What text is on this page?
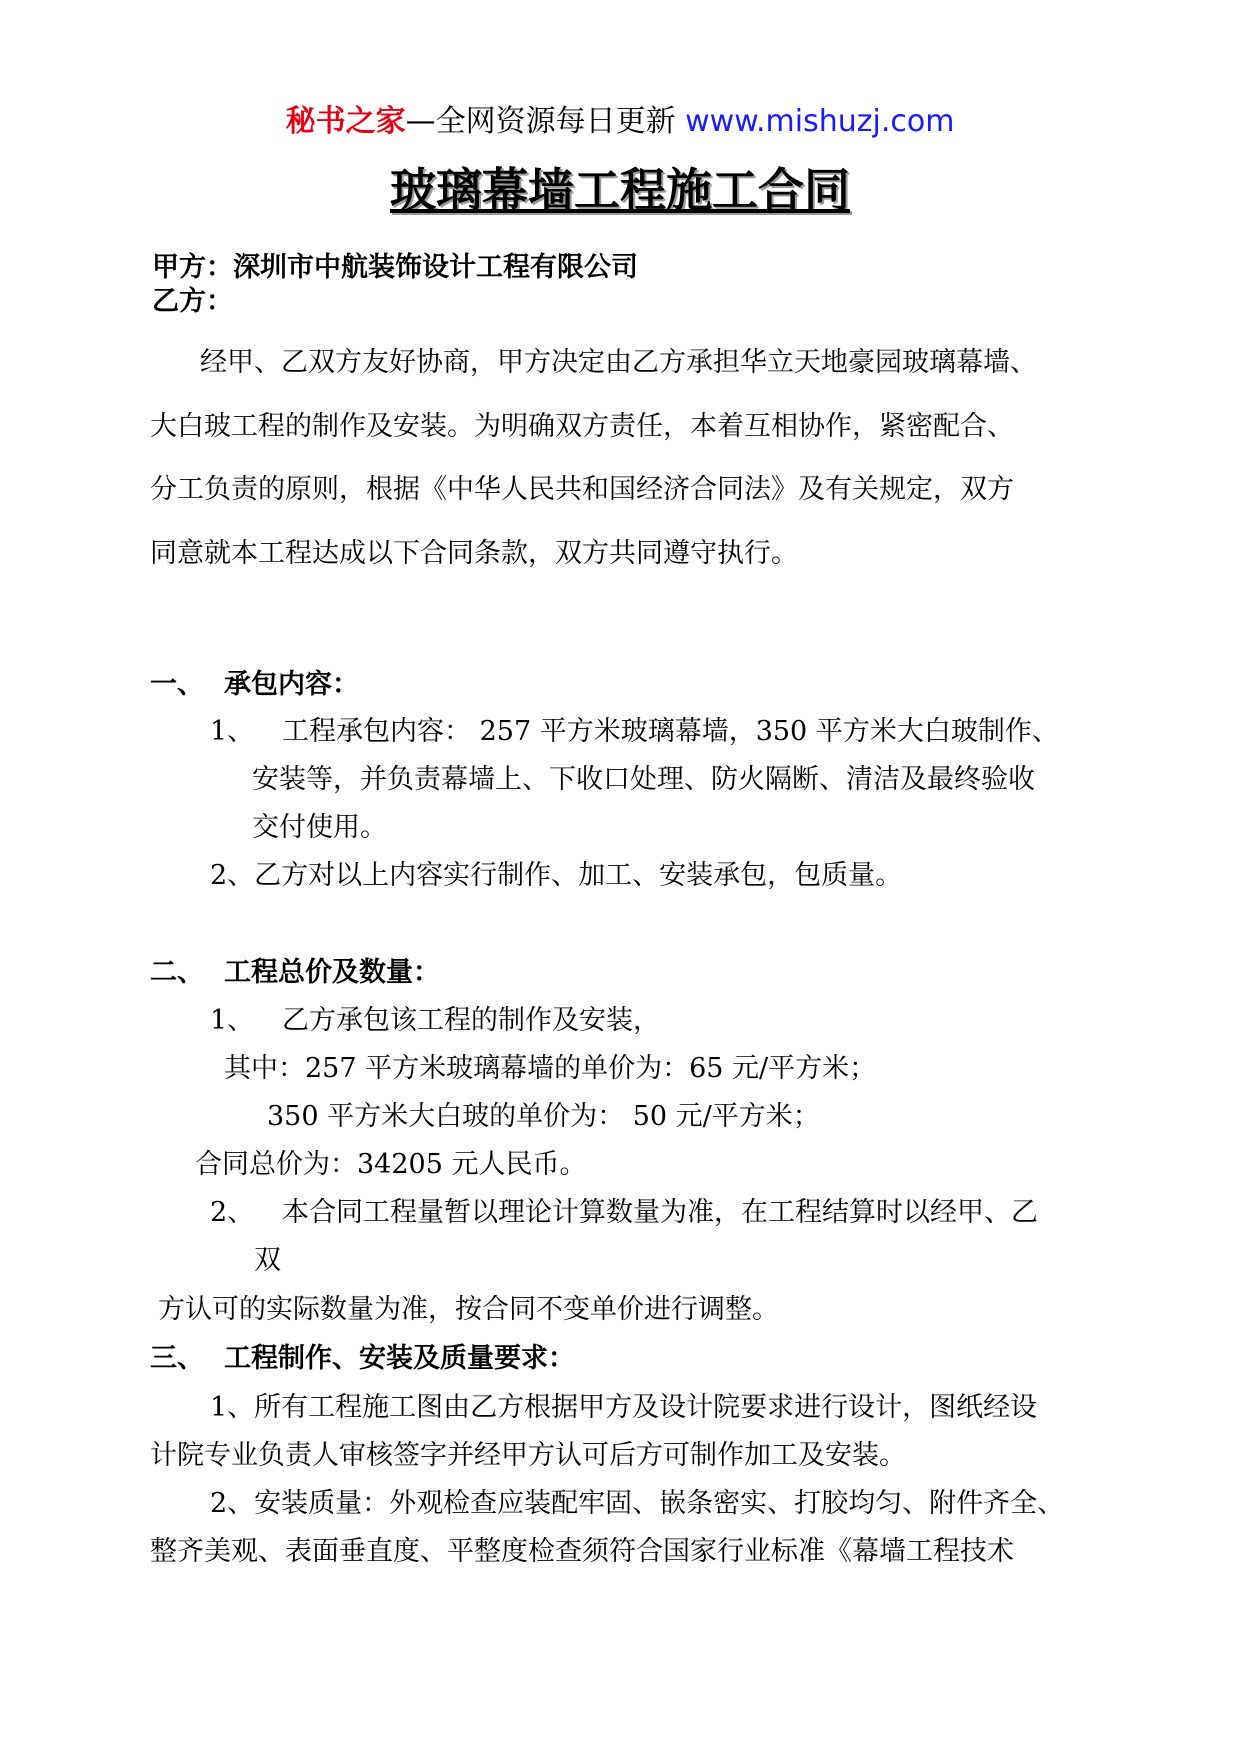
秘书之家—全网资源每日更新 www.mishuzj.com
玻璃幕墙工程施工合同
甲方：深圳市中航装饰设计工程有限公司
乙方：
经甲、乙双方友好协商，甲方决定由乙方承担华立天地豪园玻璃幕墙、
大白玻工程的制作及安装。为明确双方责任，本着互相协作，紧密配合、
分工负责的原则，根据《中华人民共和国经济合同法》及有关规定，双方
同意就本工程达成以下合同条款，双方共同遵守执行。
一、 承包内容：
1、 工程承包内容： 257 平方米玻璃幕墙，350 平方米大白玻制作、
安装等，并负责幕墙上、下收口处理、防火隔断、清洁及最终验收
交付使用。
2、乙方对以上内容实行制作、加工、安装承包，包质量。
二、 工程总价及数量：
1、 乙方承包该工程的制作及安装，
其中：257 平方米玻璃幕墙的单价为：65 元/平方米；
350 平方米大白玻的单价为： 50 元/平方米；
合同总价为：34205 元人民币。
2、 本合同工程量暂以理论计算数量为准，在工程结算时以经甲、乙
双
方认可的实际数量为准，按合同不变单价进行调整。
三、 工程制作、安装及质量要求：
1、所有工程施工图由乙方根据甲方及设计院要求进行设计，图纸经设
计院专业负责人审核签字并经甲方认可后方可制作加工及安装。
2、安装质量：外观检查应装配牢固、嵌条密实、打胶均匀、附件齐全、
整齐美观、表面垂直度、平整度检查须符合国家行业标准《幕墙工程技术
